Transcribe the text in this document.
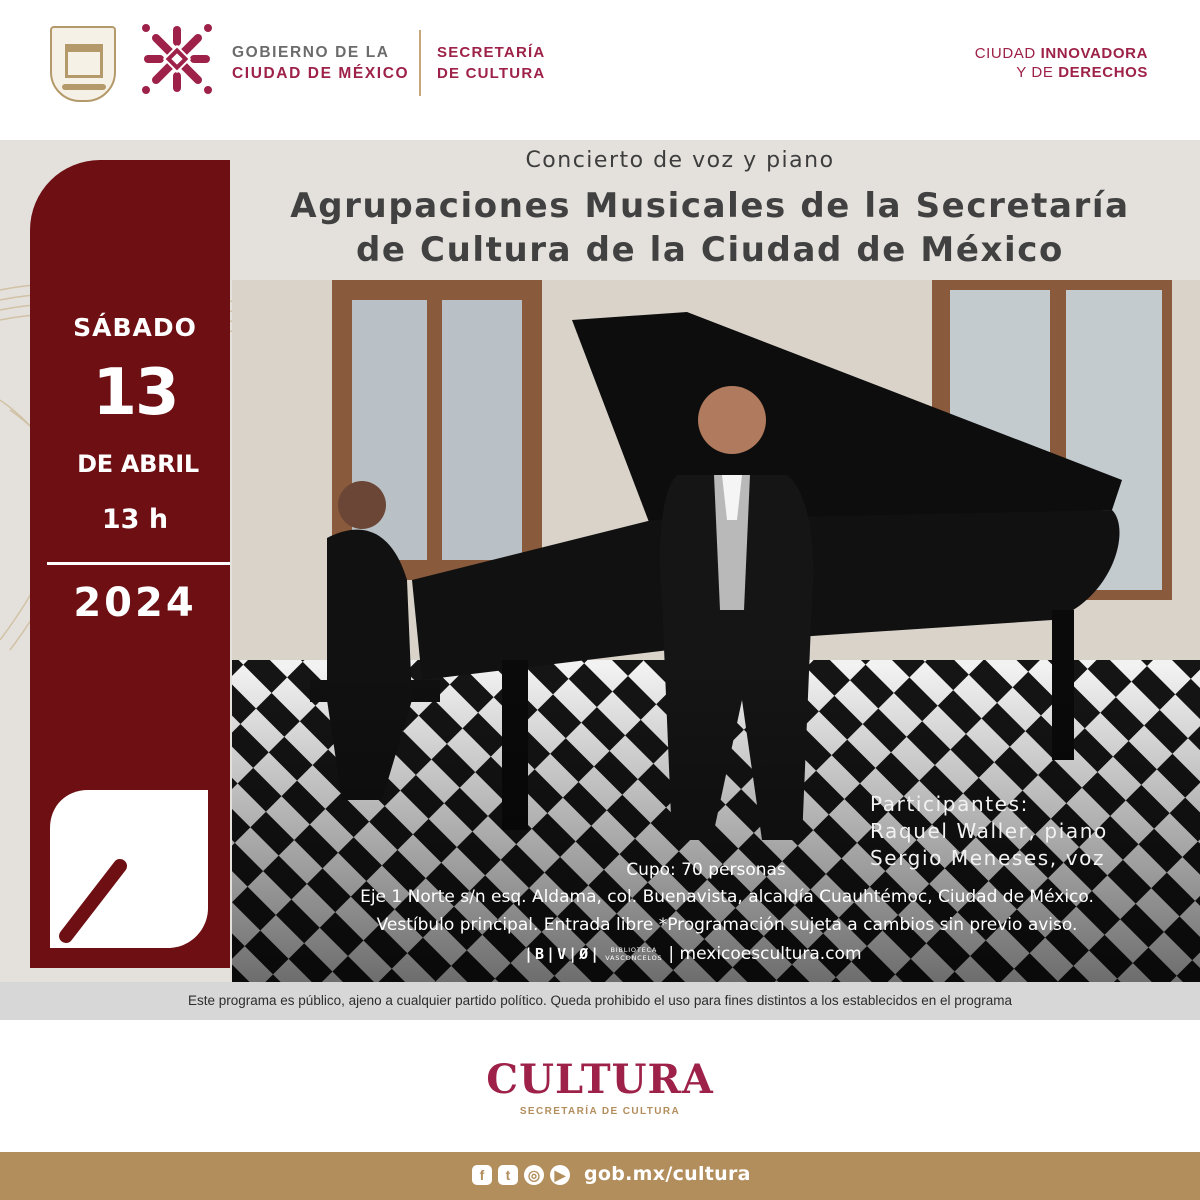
GOBIERNO DE LA
CIUDAD DE MÉXICO
SECRETARÍA
DE CULTURA
CIUDAD INNOVADORA
Y DE DERECHOS
Concierto de voz y piano
Agrupaciones Musicales de la Secretaría
de Cultura de la Ciudad de México
Participantes:
Raquel Waller, piano
Sergio Meneses, voz
Cupo: 70 personas
Eje 1 Norte s/n esq. Aldama, col. Buenavista, alcaldía Cuauhtémoc, Ciudad de México.
Vestíbulo principal. Entrada libre *Programación sujeta a cambios sin previo aviso.
|B|V|Ø|	BIBLIOTECA
VASCONCELOS | mexicoescultura.com
SÁBADO
13
DE ABRIL
13 h
2024
Este programa es público, ajeno a cualquier partido político. Queda prohibido el uso para fines distintos a los establecidos en el programa
CULTURA
SECRETARÍA DE CULTURA
f	t	◎	▶ gob.mx/cultura
